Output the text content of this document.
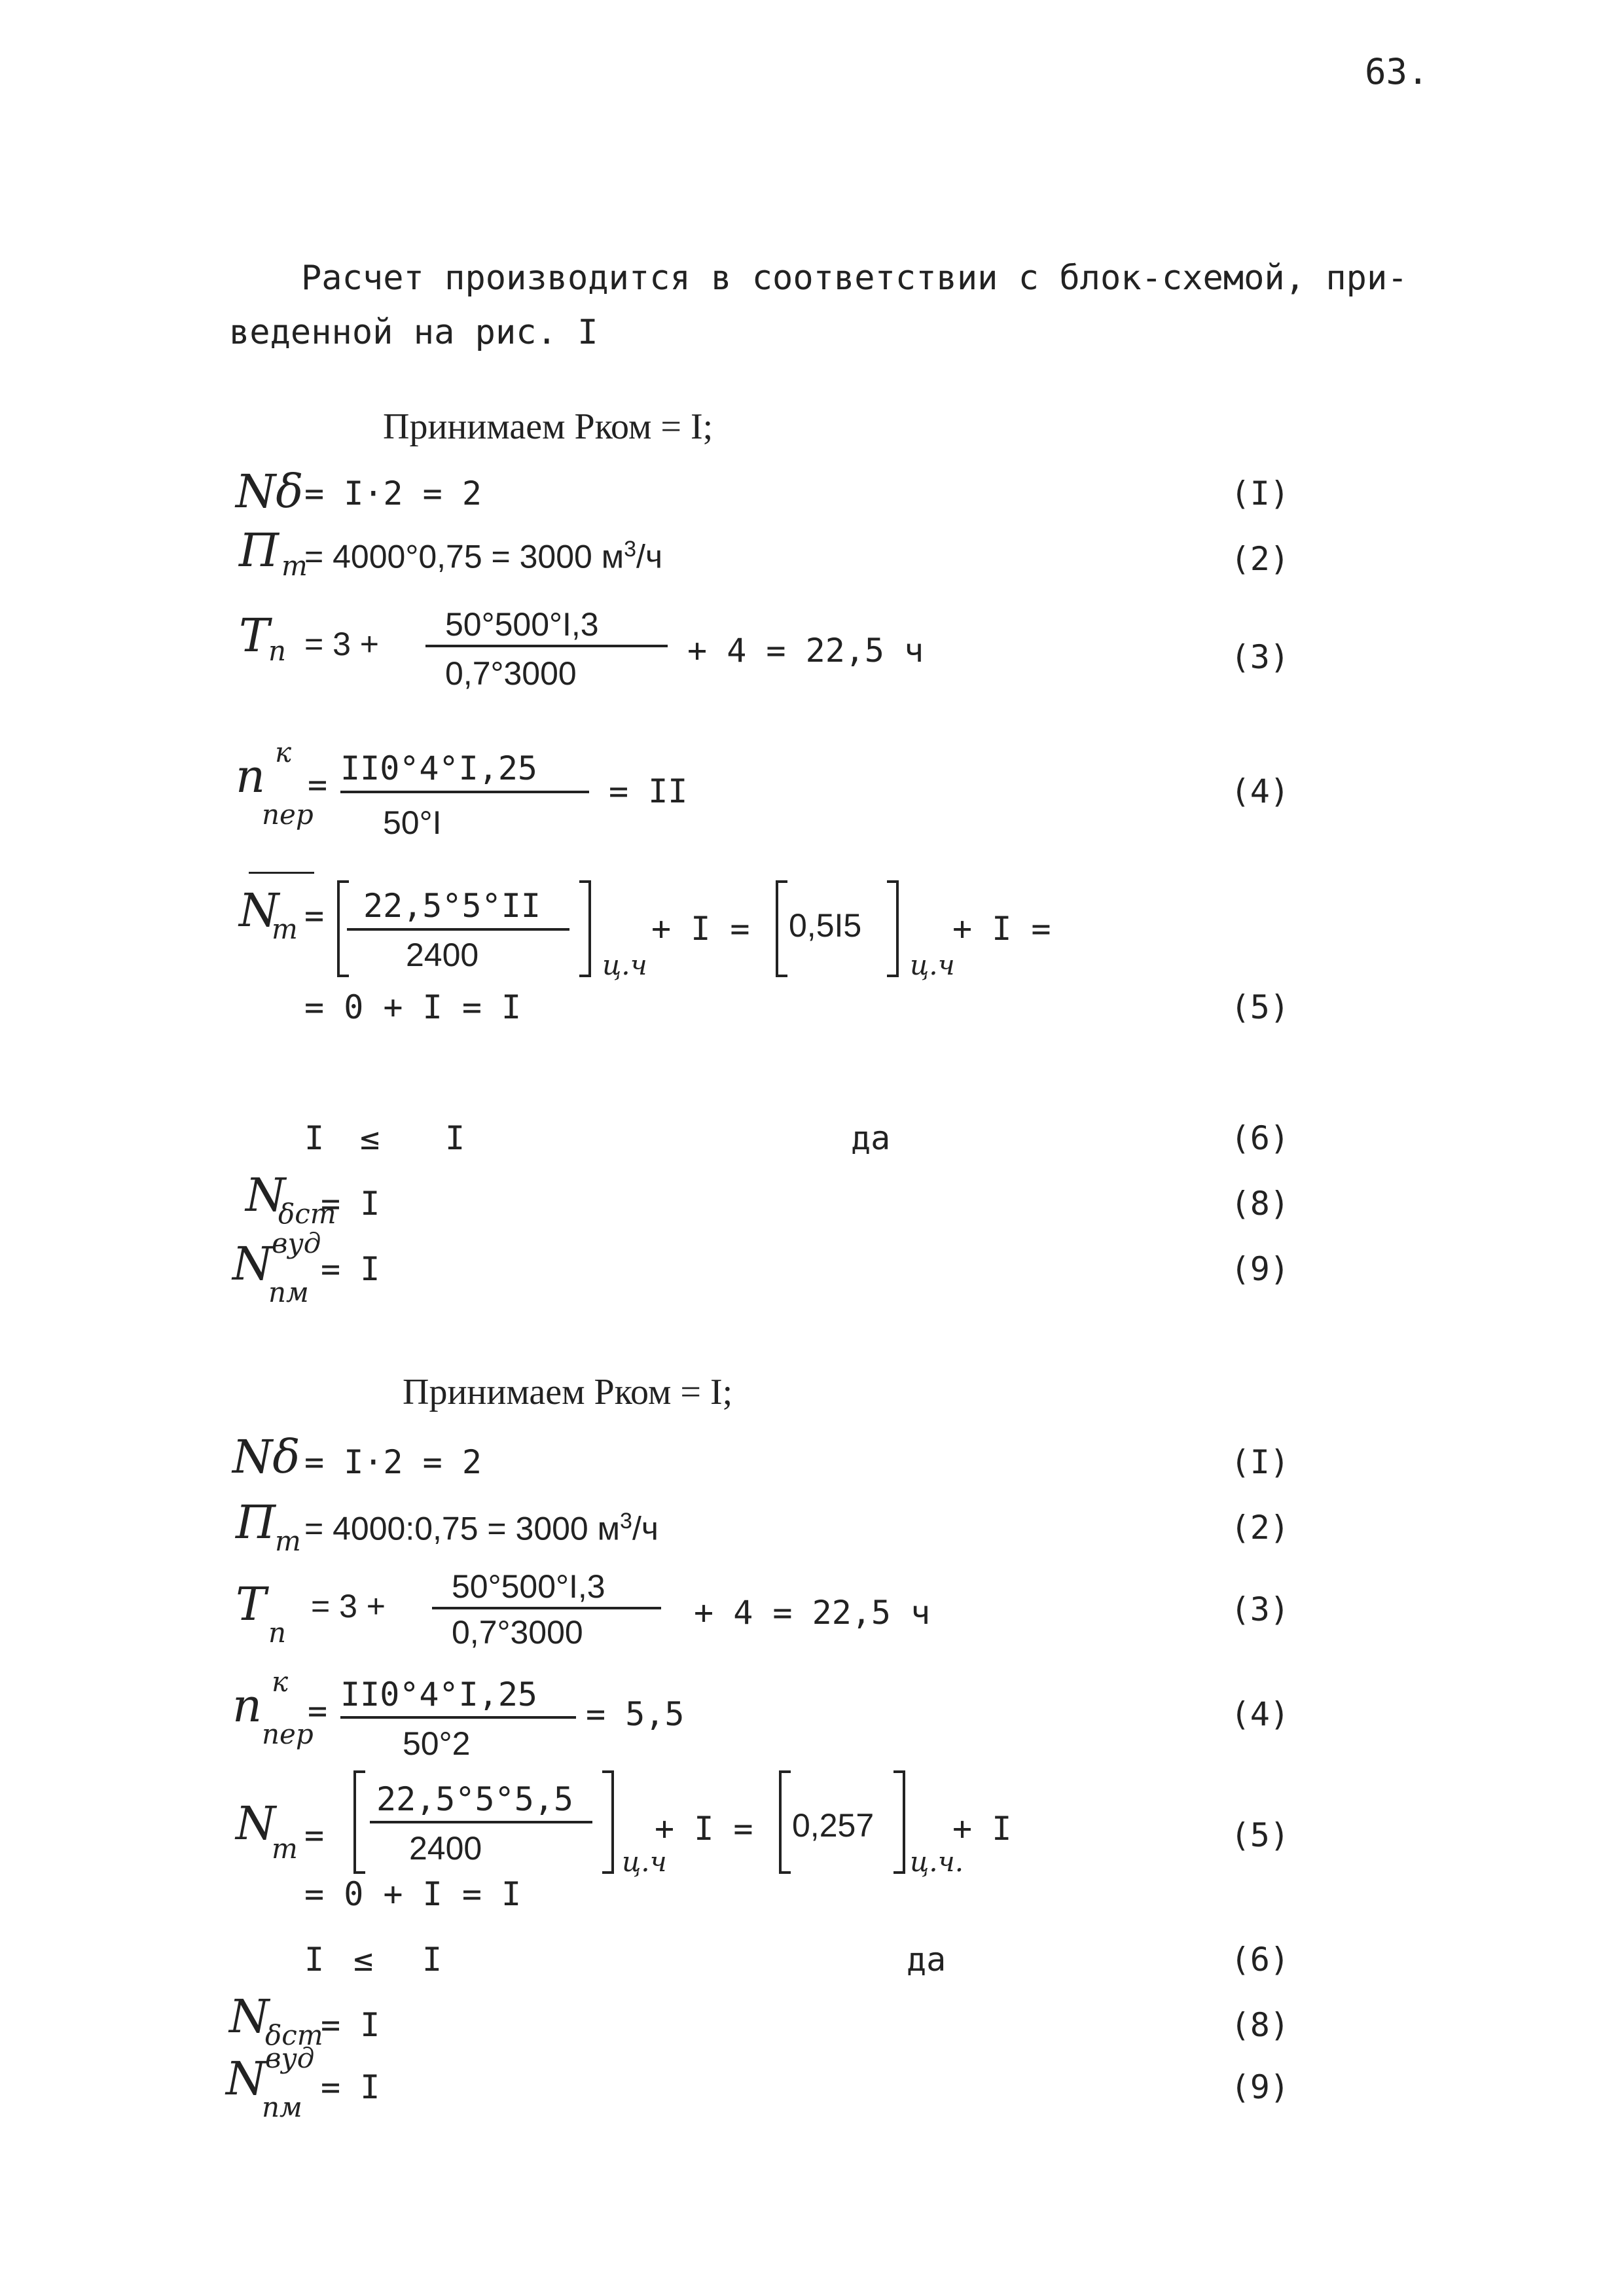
63.
Расчет производится в соответствии с блок-схемой, при-
веденной на рис. I
Принимаем Pком = I;
Nδ = I·2 = 2	(I)
П т
= 4000°0,75 = 3000 $м^3/ч$	(2)
T
п = 3 +
50°500°I,3
0,7°3000
+ 4 = 22,5 ч	(3)
n к
пер
= II0°4°I,25
50°I
= II	(4)
N
т = 22,5°5°II
2400	ц.ч
+ I = 0,5I5
ц.ч
+ I =
= 0 + I = I	(5)
I ≤ I	да	(6)
N
δст
= I	(8)
N
вуд
пм
= I	(9)
Принимаем Pком = I;
Nδ = I·2 = 2	(I)
П
т = 4000:0,75 = 3000 $м^3/ч$	(2)
T
п
= 3 +
50°500°I,3
0,7°3000
+ 4 = 22,5 ч	(3)
n к
пер
= II0°4°I,25
50°2
= 5,5	(4)
N
т =
22,5°5°5,5
2400	ц.ч
+ I = 0,257
ц.ч.
+ I
= 0 + I = I
(5)
I ≤ I	да	(6)
N
δст
= I	(8)
N
вуд
пм
= I	(9)
